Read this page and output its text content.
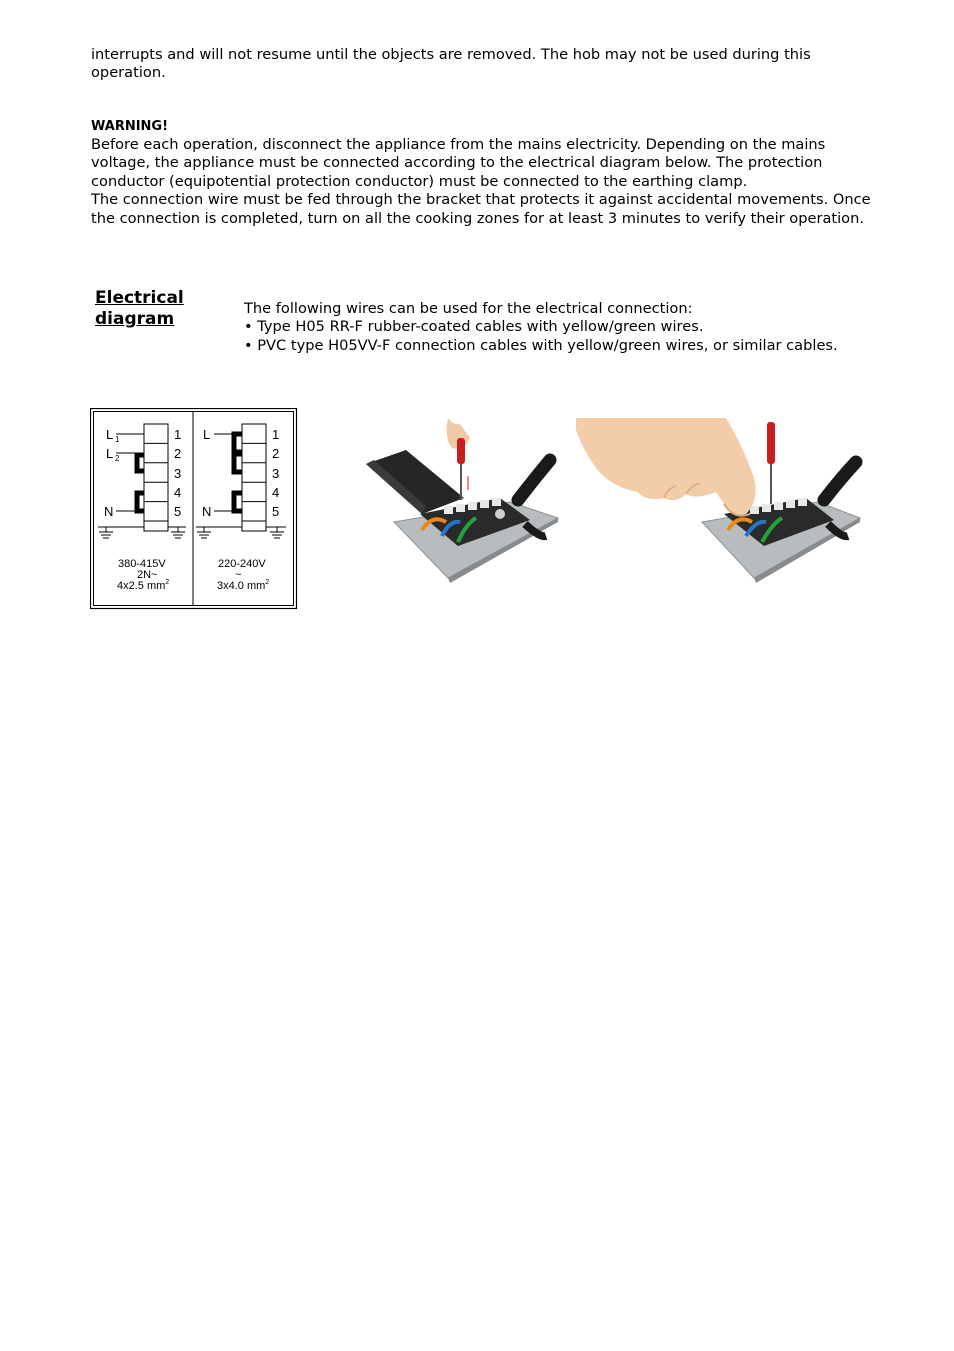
interrupts and will not resume until the objects are removed. The hob may not be used during this operation.

WARNING!
Before each operation, disconnect the appliance from the mains electricity. Depending on the mains voltage, the appliance must be connected according to the electrical diagram below. The protection conductor (equipotential protection conductor) must be connected to the earthing clamp.
The connection wire must be fed through the bracket that protects it against accidental movements. Once the connection is completed, turn on all the cooking zones for at least 3 minutes to verify their operation.
Electrical
diagram

The following wires can be used for the electrical connection:

• Type H05 RR-F rubber-coated cables with yellow/green wires.

• PVC type H05VV-F connection cables with yellow/green wires, or similar cables.

L 1
L 2
N
1
2
3
4
5
380-415V
2N~
4x2.5 $mm^2$
L
N
1
2
3
4
5
220-240V
~
3x4.0 $mm^2$
